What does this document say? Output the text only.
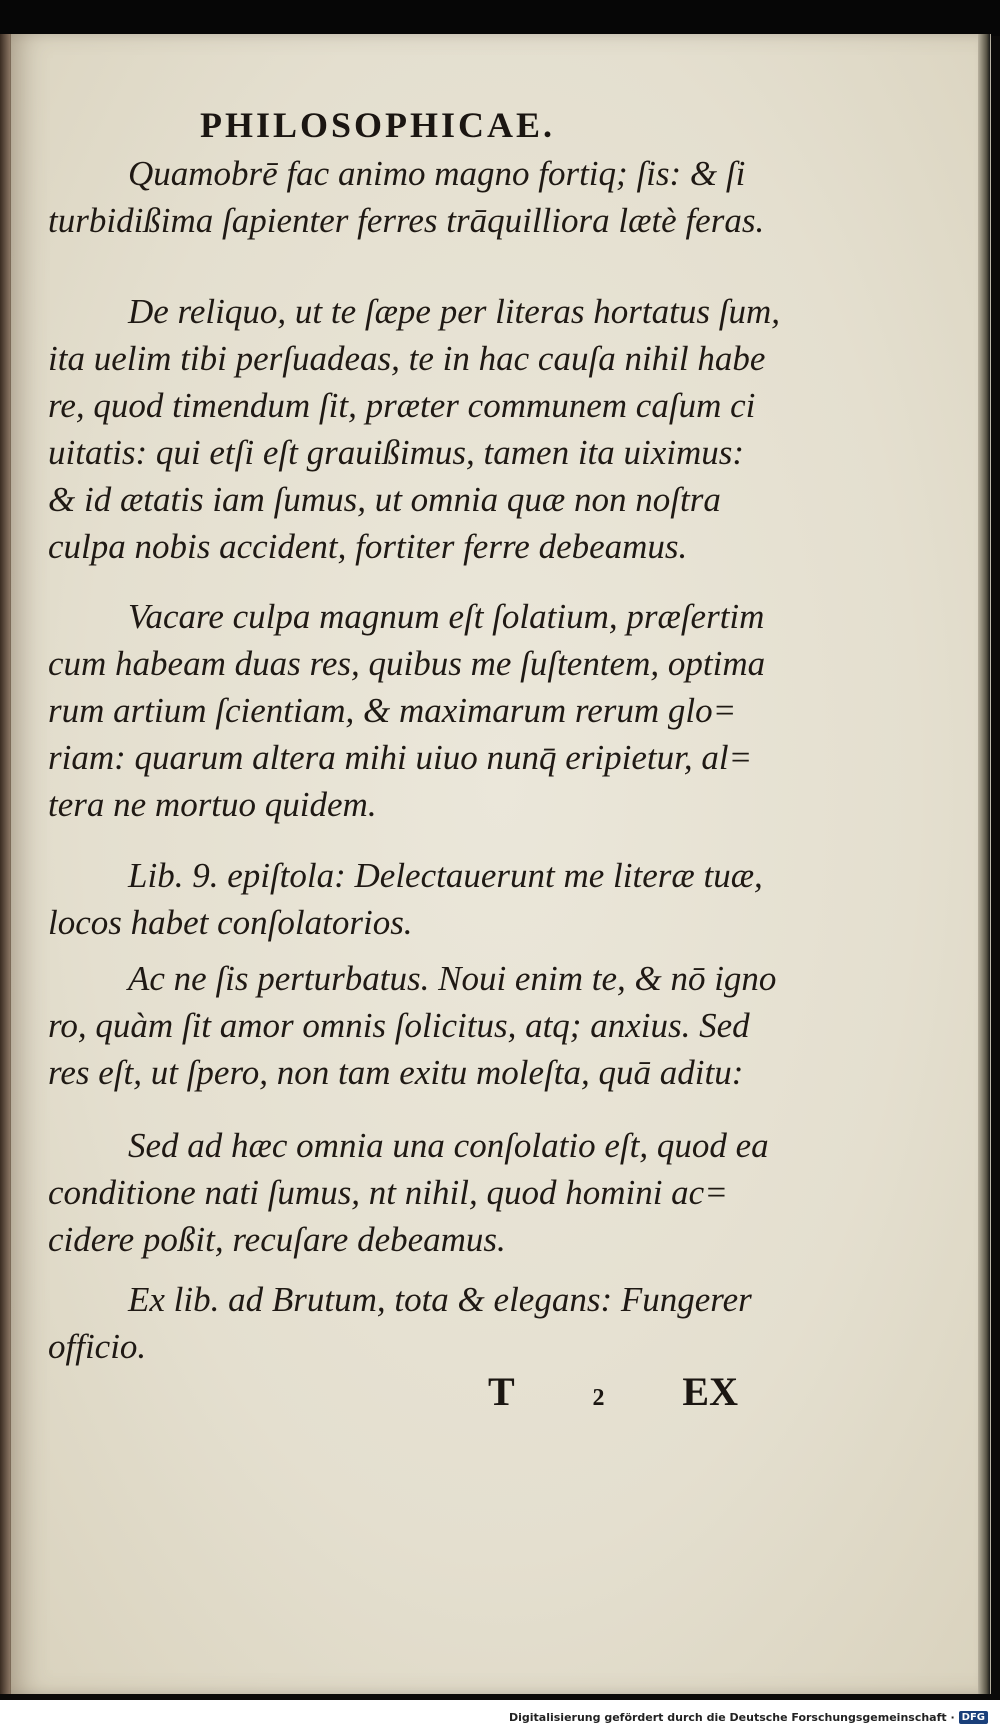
PHILOSOPHICAE.
Quamobrē fac animo magno fortiq; ſis: & ſi
turbidißima ſapienter ferres trāquilliora lætè feras.
De reliquo, ut te ſæpe per literas hortatus ſum,
ita uelim tibi perſuadeas, te in hac cauſa nihil habe
re, quod timendum ſit, præter communem caſum ci
uitatis: qui etſi eſt grauißimus, tamen ita uiximus:
& id ætatis iam ſumus, ut omnia quæ non noſtra
culpa nobis accident, fortiter ferre debeamus.
Vacare culpa magnum eſt ſolatium, præſertim
cum habeam duas res, quibus me ſuſtentem, optima
rum artium ſcientiam, & maximarum rerum glo=
riam: quarum altera mihi uiuo nunq̄ eripietur, al=
tera ne mortuo quidem.
Lib. 9. epiſtola: Delectauerunt me literæ tuæ,
locos habet conſolatorios.
Ac ne ſis perturbatus. Noui enim te, & nō igno
ro, quàm ſit amor omnis ſolicitus, atq; anxius. Sed
res eſt, ut ſpero, non tam exitu moleſta, quā aditu:
Sed ad hæc omnia una conſolatio eſt, quod ea
conditione nati ſumus, nt nihil, quod homini ac=
cidere poßit, recuſare debeamus.
Ex lib. ad Brutum, tota & elegans: Fungerer
officio.
T	2 EX
Digitalisierung gefördert durch die Deutsche Forschungsgemeinschaft · DFG
